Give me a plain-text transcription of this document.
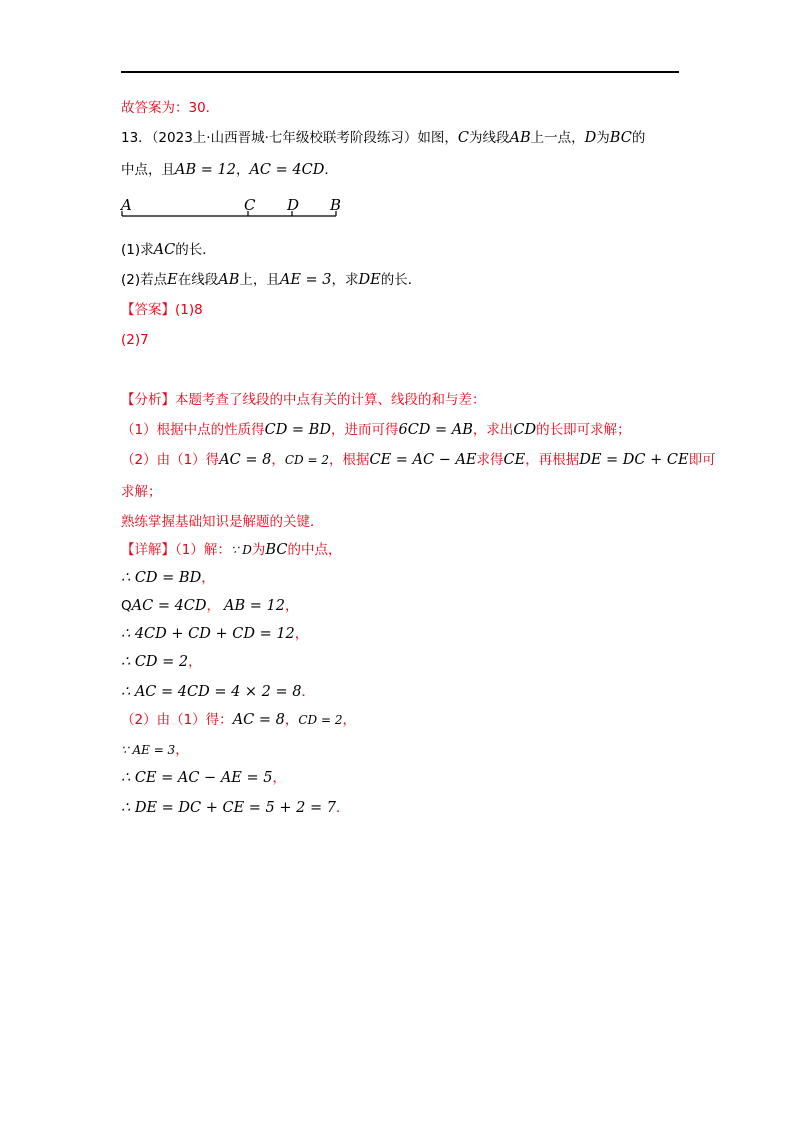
故答案为：30．
13．（2023上·山西晋城·七年级校联考阶段练习）如图，C为线段AB上一点，D为BC的
中点，且AB = 12，AC = 4CD．
A	C D B
(1)求AC的长．
(2)若点E在线段AB上，且AE = 3，求DE的长．
【答案】(1)8
(2)7
【分析】本题考查了线段的中点有关的计算、线段的和与差：
（1）根据中点的性质得CD = BD，进而可得6CD = AB，求出CD的长即可求解；
（2）由（1）得AC = 8，CD = 2，根据CE = AC − AE求得CE，再根据DE = DC + CE即可
求解；
熟练掌握基础知识是解题的关键．
【详解】（1）解：∵ D为BC的中点，
∴ CD = BD，
QAC = 4CD， AB = 12，
∴ 4CD + CD + CD = 12，
∴ CD = 2，
∴ AC = 4CD = 4 × 2 = 8．
（2）由（1）得：AC = 8，CD = 2，
∵ AE = 3，
∴ CE = AC − AE = 5，
∴ DE = DC + CE = 5 + 2 = 7．
